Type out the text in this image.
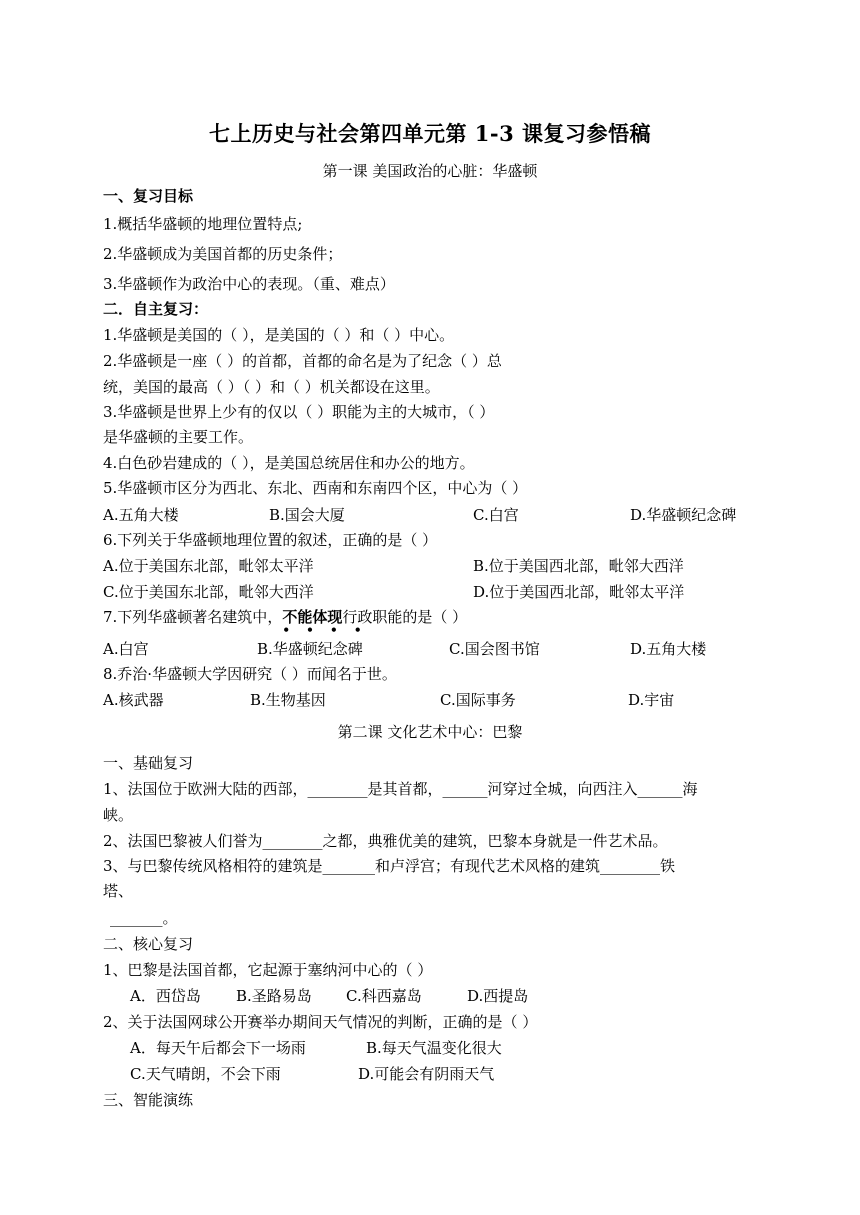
七上历史与社会第四单元第 1-3 课复习参悟稿
第一课 美国政治的心脏：华盛顿
一、复习目标
1.概括华盛顿的地理位置特点;
2.华盛顿成为美国首都的历史条件；
3.华盛顿作为政治中心的表现。（重、难点）
二．自主复习：
1.华盛顿是美国的（ ），是美国的（ ）和（ ）中心。
2.华盛顿是一座（ ）的首都，首都的命名是为了纪念（ ）总
统，美国的最高（ ）（ ）和（ ）机关都设在这里。
3.华盛顿是世界上少有的仅以（ ）职能为主的大城市，（ ）
是华盛顿的主要工作。
4.白色砂岩建成的（ ），是美国总统居住和办公的地方。
5.华盛顿市区分为西北、东北、西南和东南四个区，中心为（ ）
A.五角大楼	B.国会大厦	C.白宫	D.华盛顿纪念碑
6.下列关于华盛顿地理位置的叙述，正确的是（ ）
A.位于美国东北部，毗邻太平洋	B.位于美国西北部，毗邻大西洋
C.位于美国东北部，毗邻大西洋	D.位于美国西北部，毗邻太平洋
7.下列华盛顿著名建筑中，不能体现
• • • •
行政职能的是（ ）
A.白宫	B.华盛顿纪念碑	C.国会图书馆	D.五角大楼
8.乔治·华盛顿大学因研究（ ）而闻名于世。
A.核武器	B.生物基因	C.国际事务	D.宇宙
第二课 文化艺术中心：巴黎
一、基础复习
1、法国位于欧洲大陆的西部，________是其首都，______河穿过全城，向西注入______海
峡。
2、法国巴黎被人们誉为________之都，典雅优美的建筑，巴黎本身就是一件艺术品。
3、与巴黎传统风格相符的建筑是_______和卢浮宫；有现代艺术风格的建筑________铁
塔、
_______。
二、核心复习
1、巴黎是法国首都，它起源于塞纳河中心的（ ）
A．西岱岛	B.圣路易岛	C.科西嘉岛	D.西提岛
2、关于法国网球公开赛举办期间天气情况的判断，正确的是（ ）
A．每天午后都会下一场雨	B.每天气温变化很大
C.天气晴朗，不会下雨	D.可能会有阴雨天气
三、智能演练
